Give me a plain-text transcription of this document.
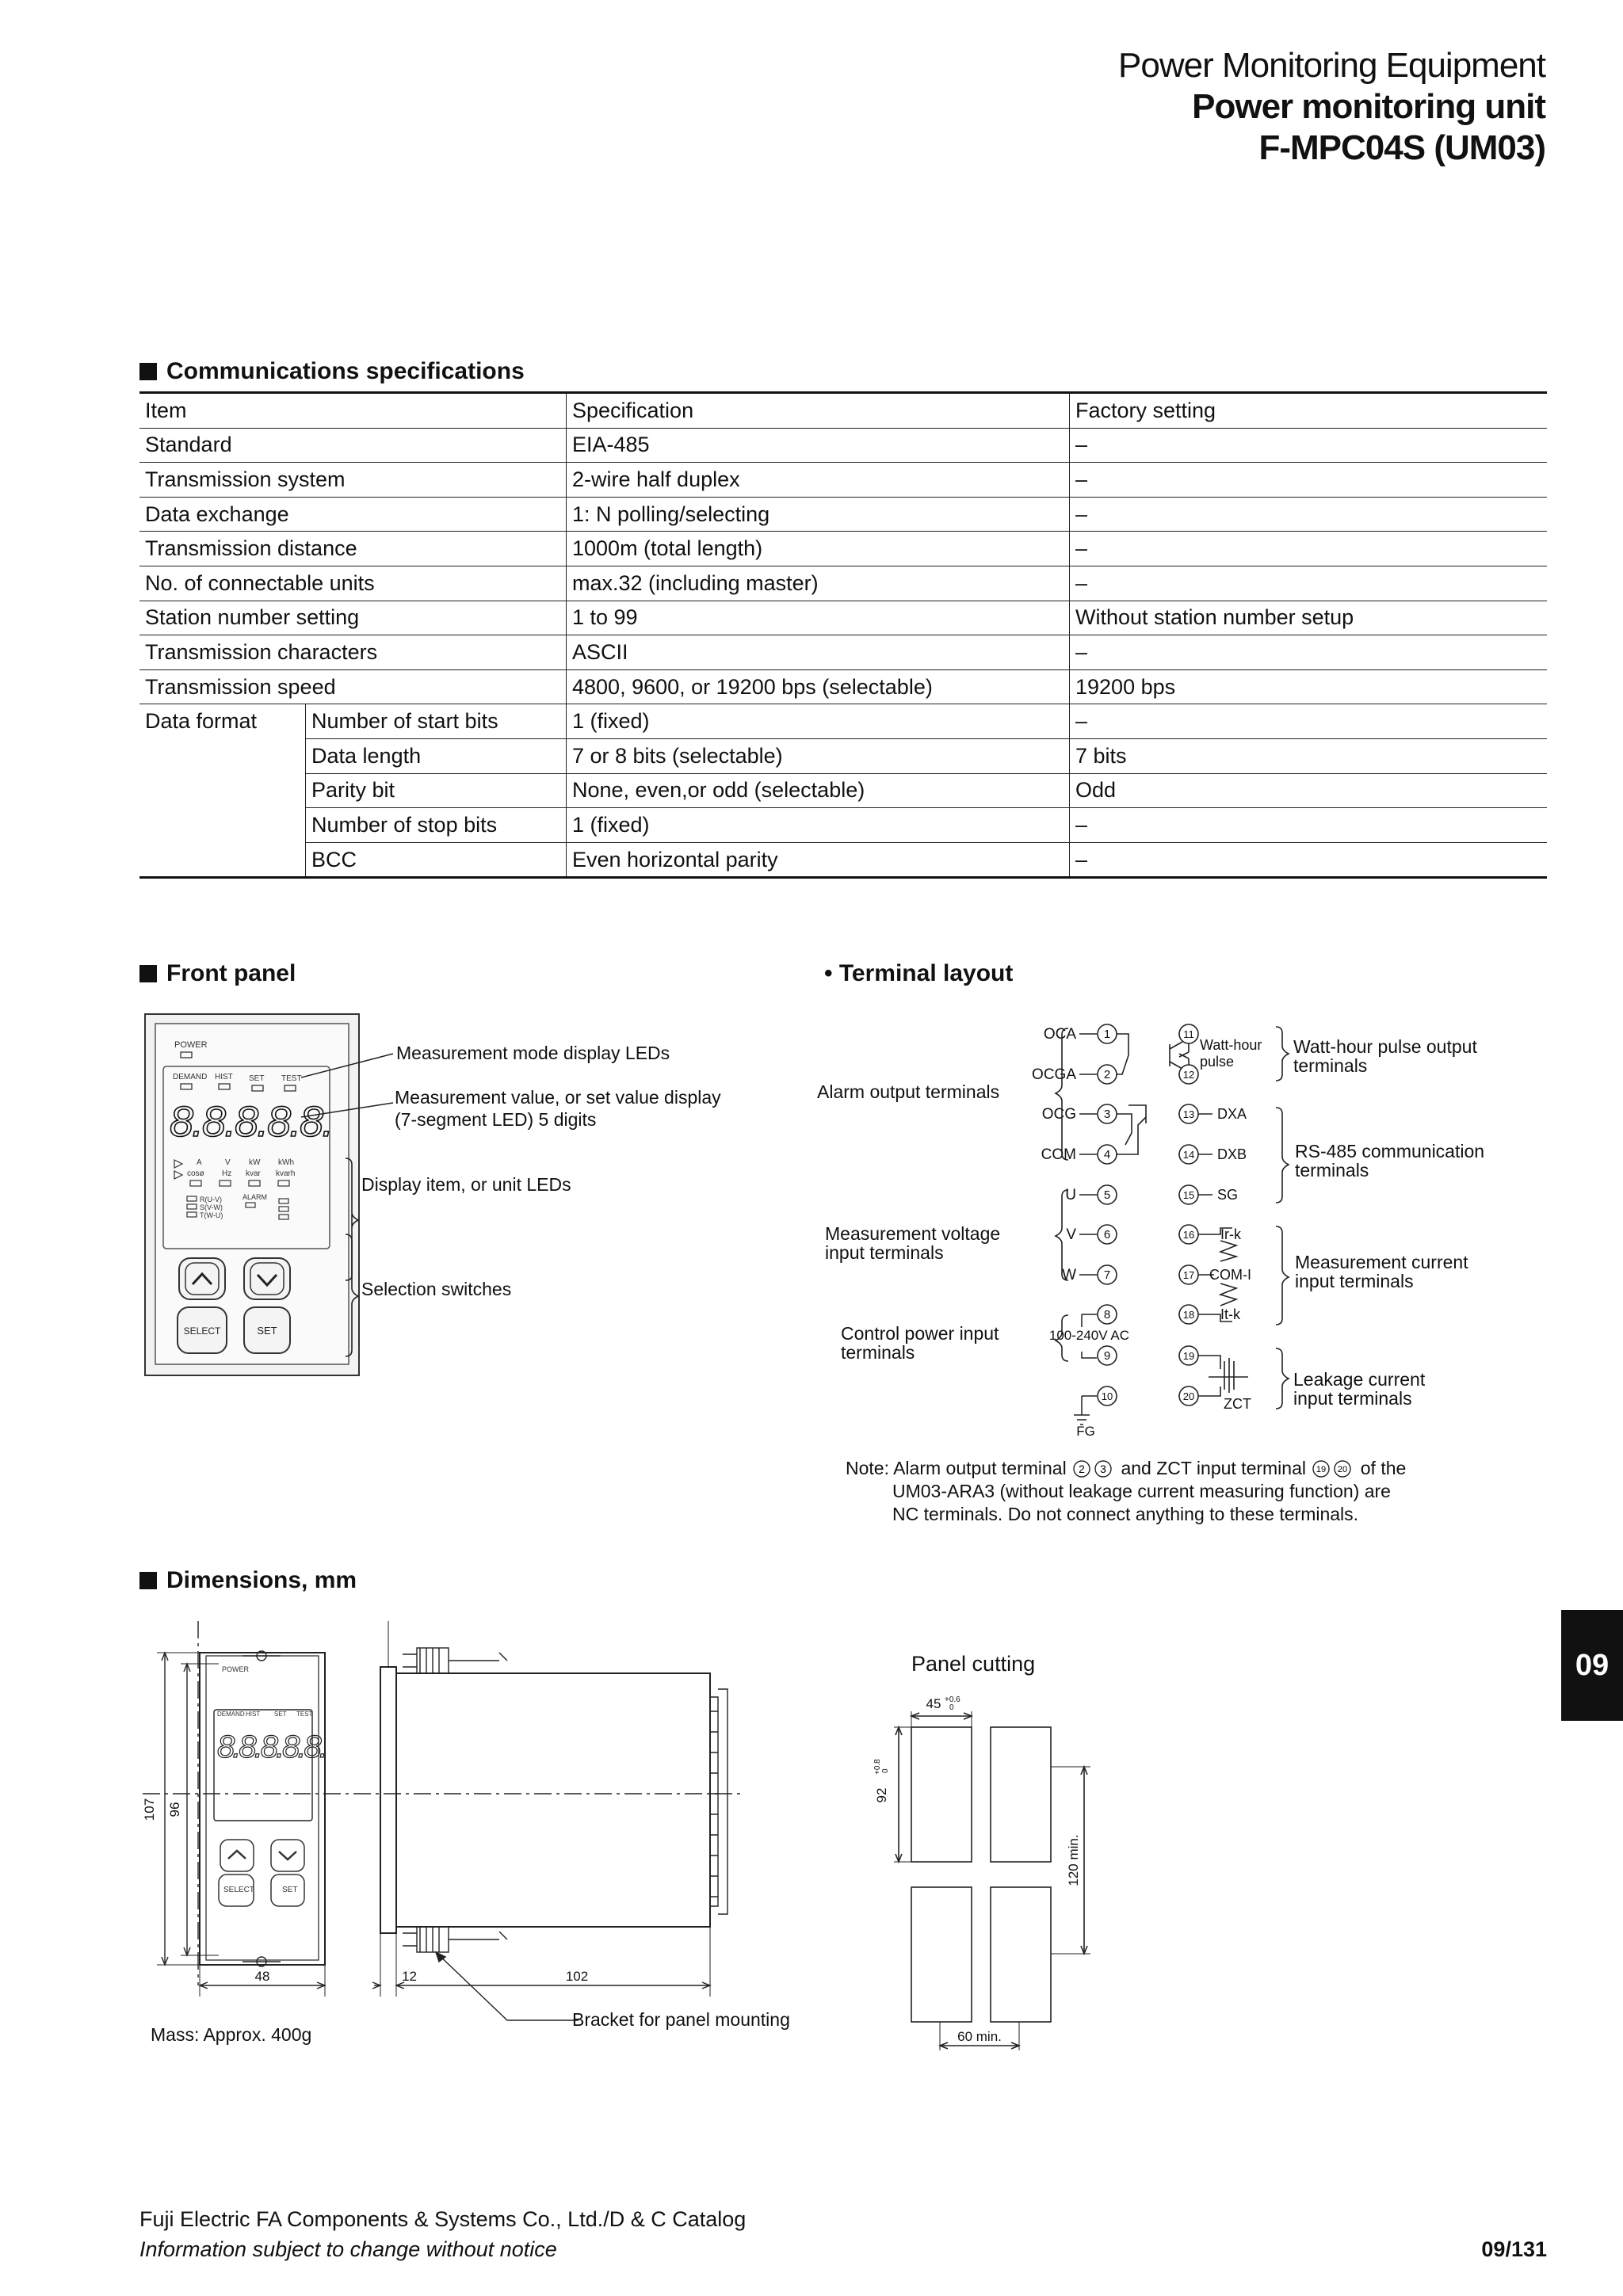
Power Monitoring Equipment
Power monitoring unit
F-MPC04S (UM03)
Communications specifications
Item		Specification	Factory setting
Standard		EIA-485	–
Transmission system		2-wire half duplex	–
Data exchange		1: N polling/selecting	–
Transmission distance		1000m (total length)	–
No. of connectable units		max.32 (including master)	–
Station number setting		1 to 99	Without station number setup
Transmission characters		ASCII	–
Transmission speed		4800, 9600, or 19200 bps (selectable)	19200 bps
Data format	Number of start bits	1 (fixed)	–
	Data length	7 or 8 bits (selectable)	7 bits
	Parity bit	None, even,or odd (selectable)	Odd
	Number of stop bits	1 (fixed)	–
	BCC	Even horizontal parity	–
Front panel
POWER
DEMAND HIST SET TEST
8.8.8.8.8.
A	V kW kWh
cosø Hz kvar kvarh
R(U-V)
S(V-W)
T(W-U)
ALARM
SELECT	SET
Measurement mode display LEDs
Measurement value, or set value display
(7-segment LED) 5 digits
Display item, or unit LEDs
Selection switches
• Terminal layout
OCA
OCGA
OCG
COM
U
V
W
100-240V AC
FG
Watt-hour
pulse
DXA
DXB
SG
Ir-k
COM-I
It-k
ZCT
1
2
3
4
5
6
7
8
9
10
11
12
13
14
15
16
17
18
19
20
Alarm output terminals
Measurement voltage
input terminals
Control power input
terminals
Watt-hour pulse output
terminals
RS-485 communication
terminals
Measurement current
input terminals
Leakage current
input terminals
Note: Alarm output terminal 2 3 and ZCT input terminal 19 20 of the
UM03-ARA3 (without leakage current measuring function) are
NC terminals. Do not connect anything to these terminals.
Dimensions, mm
POWER
DEMAND HIST SET TEST
8.8.8.8.8.
SELECT	SET
107 96
48	12	102
Mass: Approx. 400g
Bracket for panel mounting
Panel cutting
45 +0.6
0
92
+0.8 0
120 min.
60 min.
09
Fuji Electric FA Components & Systems Co., Ltd./D & C Catalog
Information subject to change without notice	09/131
